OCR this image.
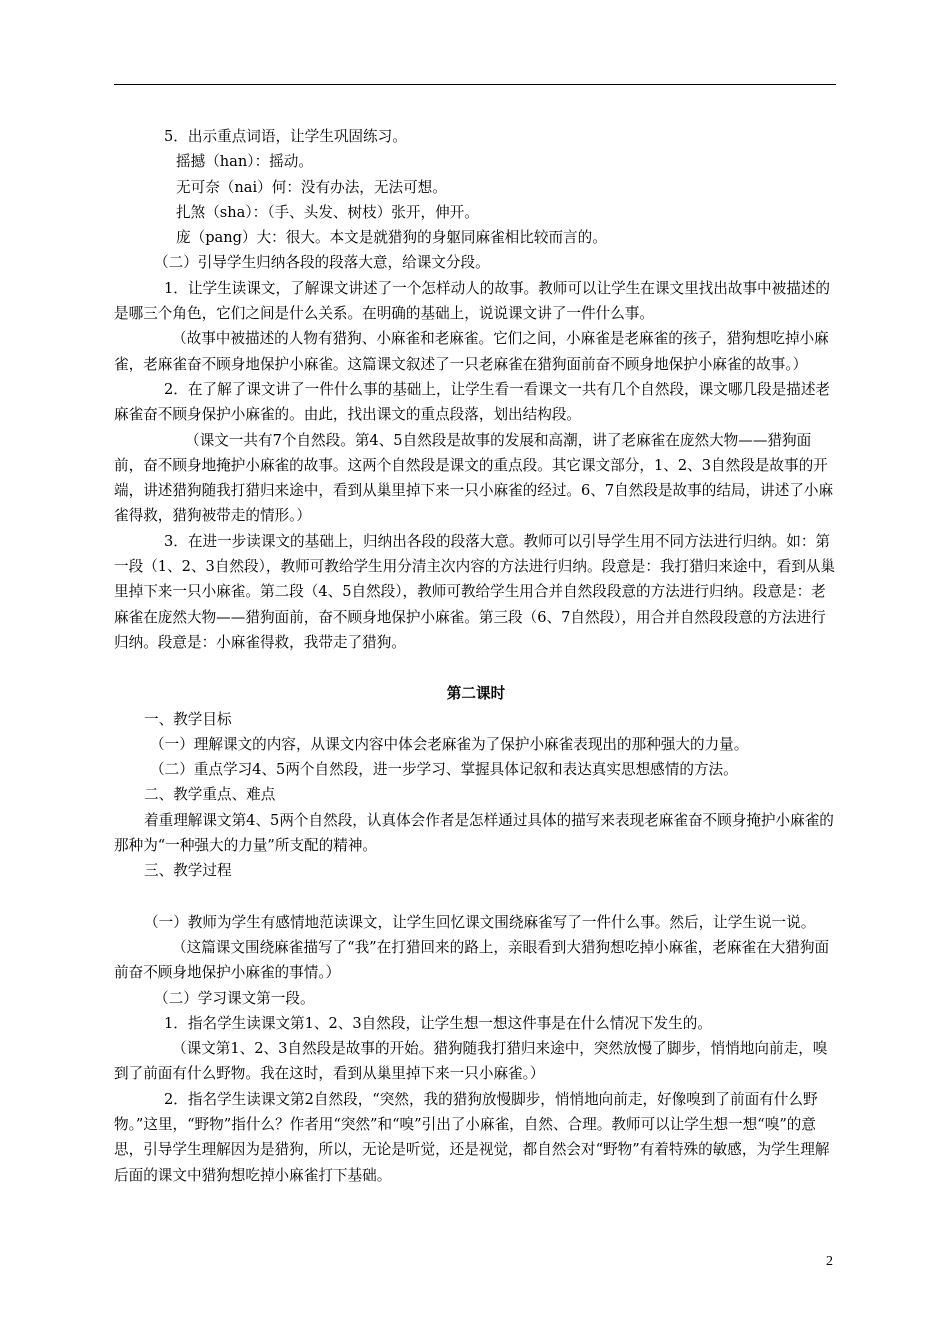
5．出示重点词语，让学生巩固练习。

摇撼（han）：摇动。

无可奈（nai）何：没有办法，无法可想。

扎煞（sha）：（手、头发、树枝）张开，伸开。

庞（pang）大：很大。本文是就猎狗的身躯同麻雀相比较而言的。

（二）引导学生归纳各段的段落大意，给课文分段。

1．让学生读课文，了解课文讲述了一个怎样动人的故事。教师可以让学生在课文里找出故事中被描述的是哪三个角色，它们之间是什么关系。在明确的基础上，说说课文讲了一件什么事。

（故事中被描述的人物有猎狗、小麻雀和老麻雀。它们之间，小麻雀是老麻雀的孩子，猎狗想吃掉小麻雀，老麻雀奋不顾身地保护小麻雀。这篇课文叙述了一只老麻雀在猎狗面前奋不顾身地保护小麻雀的故事。）

2．在了解了课文讲了一件什么事的基础上，让学生看一看课文一共有几个自然段，课文哪几段是描述老麻雀奋不顾身保护小麻雀的。由此，找出课文的重点段落，划出结构段。

（课文一共有7个自然段。第4、5自然段是故事的发展和高潮，讲了老麻雀在庞然大物——猎狗面前，奋不顾身地掩护小麻雀的故事。这两个自然段是课文的重点段。其它课文部分，1、2、3自然段是故事的开端，讲述猎狗随我打猎归来途中，看到从巢里掉下来一只小麻雀的经过。6、7自然段是故事的结局，讲述了小麻雀得救，猎狗被带走的情形。）

3．在进一步读课文的基础上，归纳出各段的段落大意。教师可以引导学生用不同方法进行归纳。如：第一段（1、2、3自然段），教师可教给学生用分清主次内容的方法进行归纳。段意是：我打猎归来途中，看到从巢里掉下来一只小麻雀。第二段（4、5自然段），教师可教给学生用合并自然段段意的方法进行归纳。段意是：老麻雀在庞然大物——猎狗面前，奋不顾身地保护小麻雀。第三段（6、7自然段），用合并自然段段意的方法进行归纳。段意是：小麻雀得救，我带走了猎狗。

第二课时

一、教学目标

（一）理解课文的内容，从课文内容中体会老麻雀为了保护小麻雀表现出的那种强大的力量。

（二）重点学习4、5两个自然段，进一步学习、掌握具体记叙和表达真实思想感情的方法。

二、教学重点、难点

着重理解课文第4、5两个自然段，认真体会作者是怎样通过具体的描写来表现老麻雀奋不顾身掩护小麻雀的那种为“一种强大的力量”所支配的精神。

三、教学过程

（一）教师为学生有感情地范读课文，让学生回忆课文围绕麻雀写了一件什么事。然后，让学生说一说。

（这篇课文围绕麻雀描写了“我”在打猎回来的路上，亲眼看到大猎狗想吃掉小麻雀，老麻雀在大猎狗面前奋不顾身地保护小麻雀的事情。）

（二）学习课文第一段。

1．指名学生读课文第1、2、3自然段，让学生想一想这件事是在什么情况下发生的。

（课文第1、2、3自然段是故事的开始。猎狗随我打猎归来途中，突然放慢了脚步，悄悄地向前走，嗅到了前面有什么野物。我在这时，看到从巢里掉下来一只小麻雀。）

2．指名学生读课文第2自然段，“突然，我的猎狗放慢脚步，悄悄地向前走，好像嗅到了前面有什么野物。”这里，“野物”指什么？作者用“突然”和“嗅”引出了小麻雀，自然、合理。教师可以让学生想一想“嗅”的意思，引导学生理解因为是猎狗，所以，无论是听觉，还是视觉，都自然会对“野物”有着特殊的敏感，为学生理解后面的课文中猎狗想吃掉小麻雀打下基础。

2
